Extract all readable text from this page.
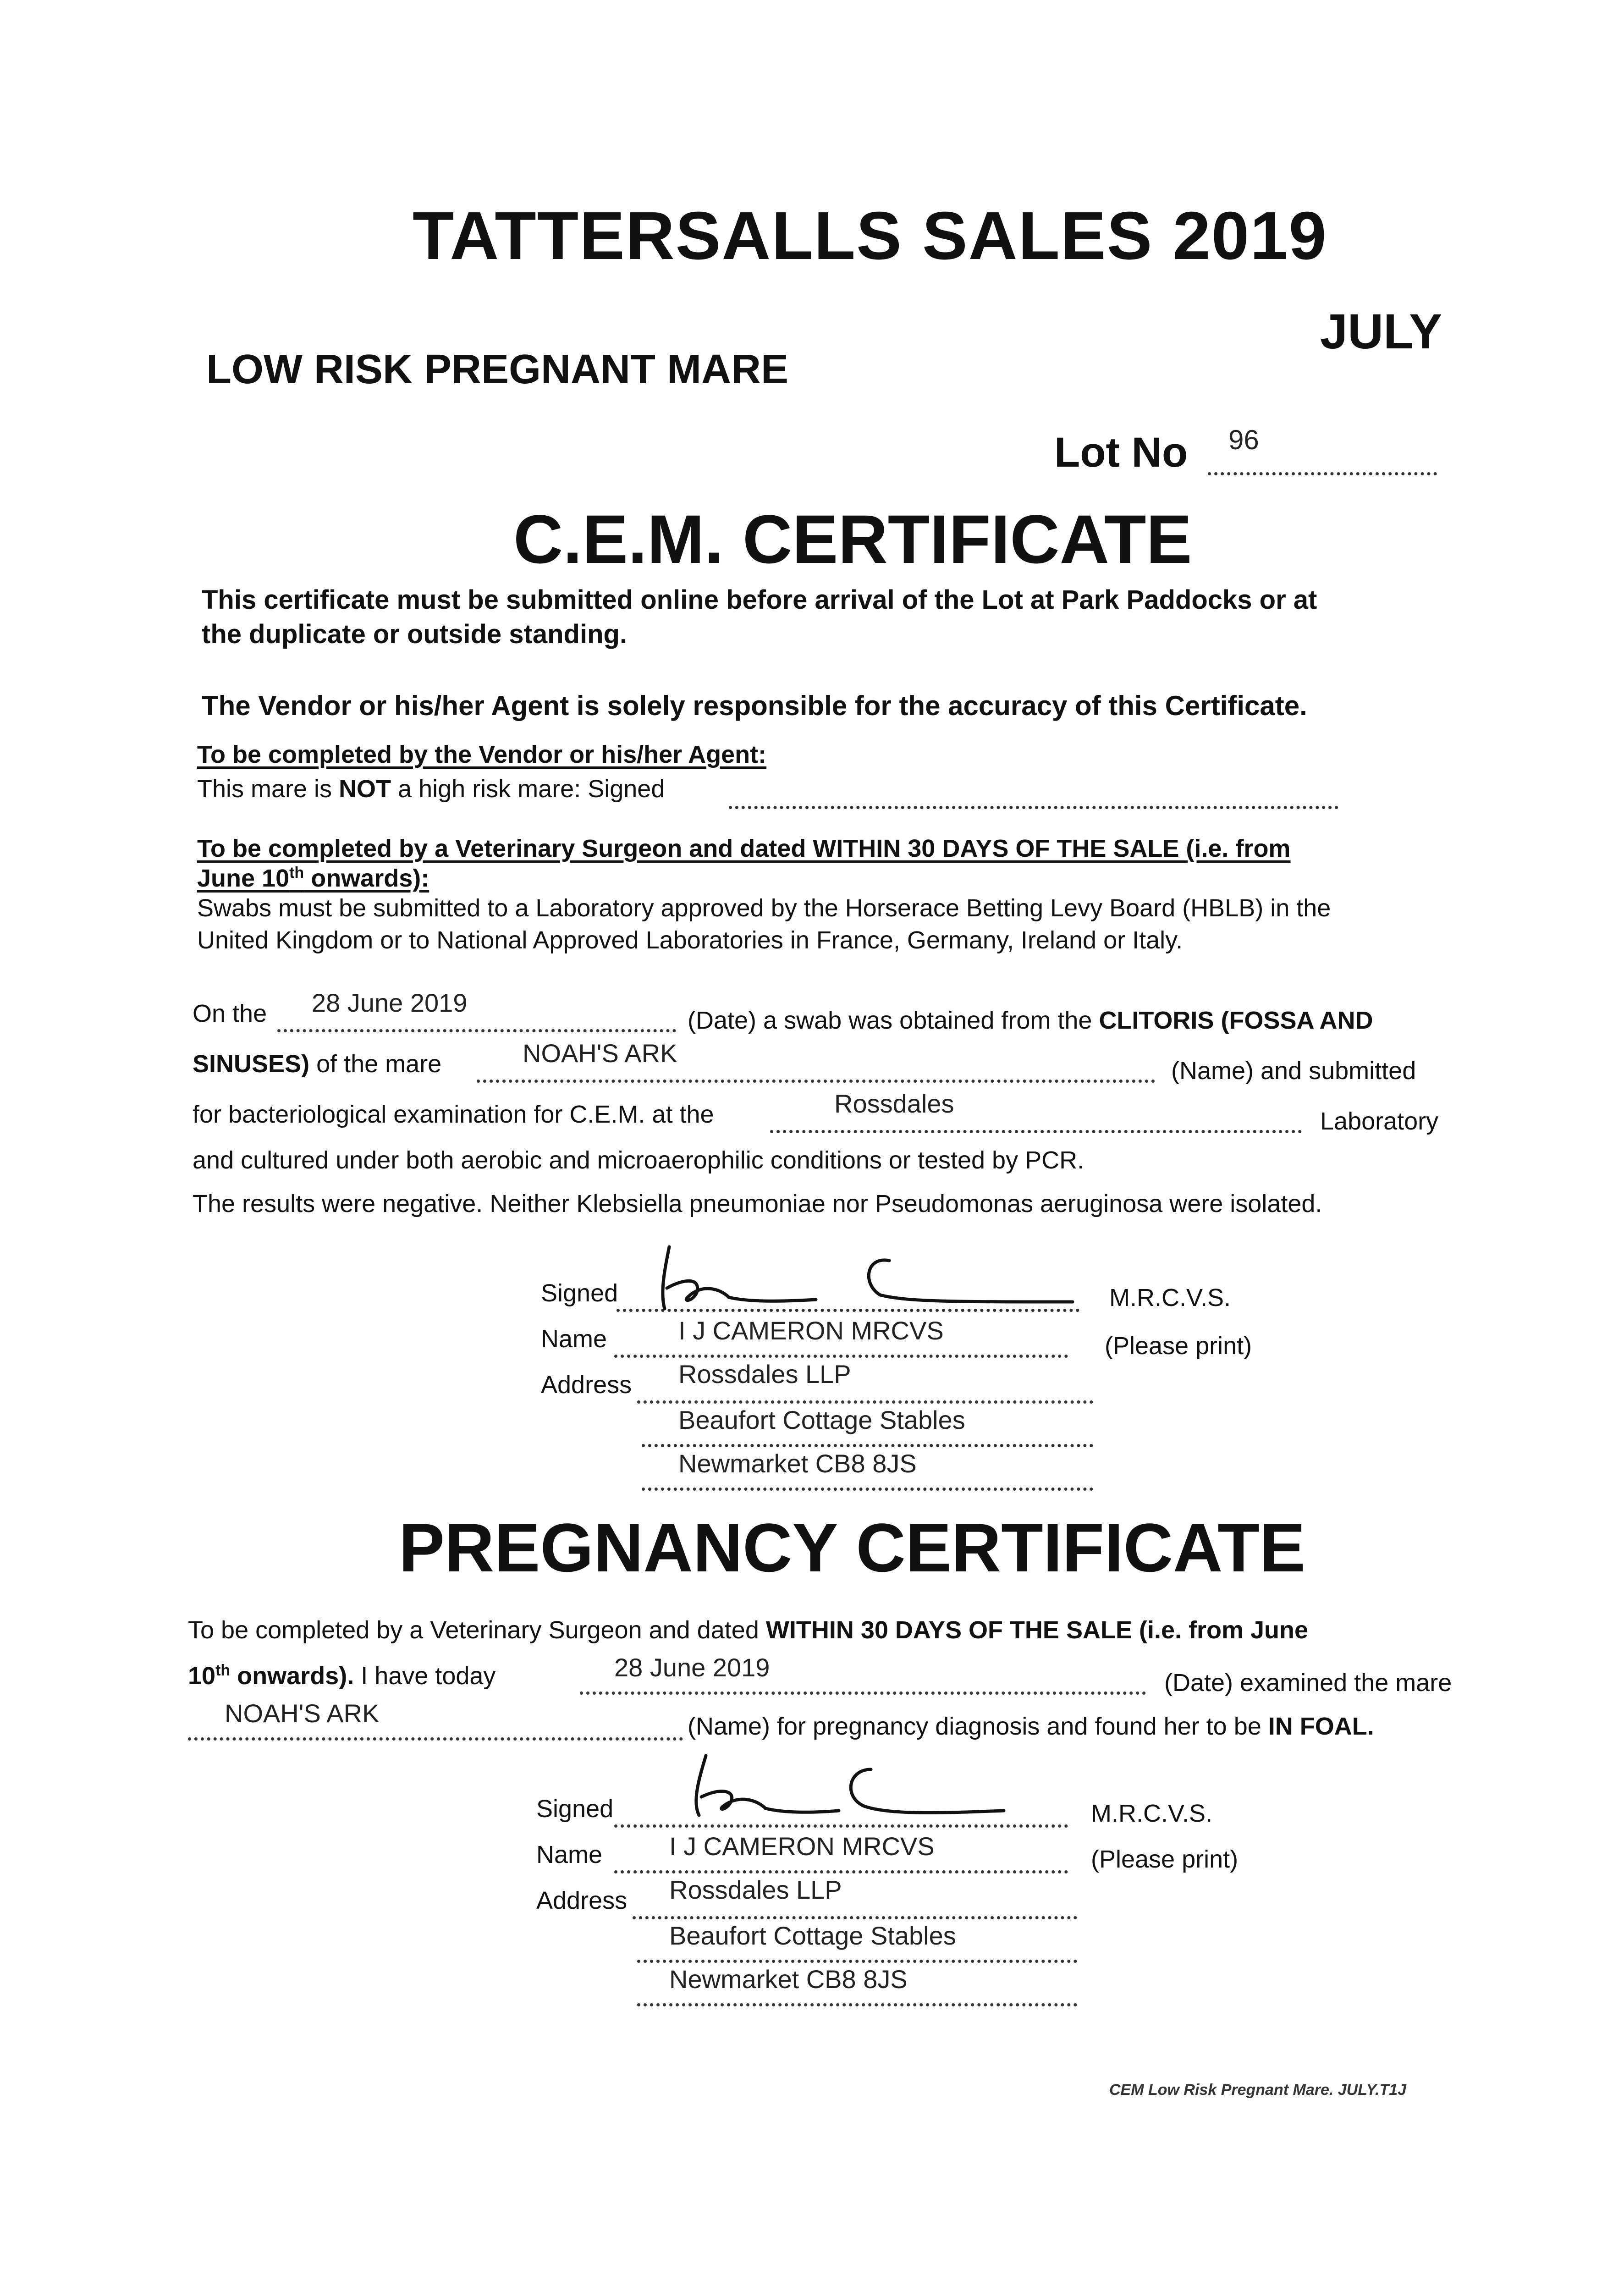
TATTERSALLS SALES 2019
JULY
LOW RISK PREGNANT MARE
Lot No 96
C.E.M. CERTIFICATE
This certificate must be submitted online before arrival of the Lot at Park Paddocks or at
the duplicate or outside standing.
The Vendor or his/her Agent is solely responsible for the accuracy of this Certificate.
To be completed by the Vendor or his/her Agent:
This mare is NOT a high risk mare: Signed
To be completed by a Veterinary Surgeon and dated WITHIN 30 DAYS OF THE SALE (i.e. from
June 10th onwards):
Swabs must be submitted to a Laboratory approved by the Horserace Betting Levy Board (HBLB) in the
United Kingdom or to National Approved Laboratories in France, Germany, Ireland or Italy.
On the 28 June 2019
(Date) a swab was obtained from the CLITORIS (FOSSA AND
SINUSES) of the mare	NOAH'S ARK
(Name) and submitted
for bacteriological examination for C.E.M. at the	Rossdales
Laboratory
and cultured under both aerobic and microaerophilic conditions or tested by PCR.
The results were negative. Neither Klebsiella pneumoniae nor Pseudomonas aeruginosa were isolated.
Signed	M.R.C.V.S.
Name	I J CAMERON MRCVS
(Please print)
Address Rossdales LLP
Beaufort Cottage Stables
Newmarket CB8 8JS
PREGNANCY CERTIFICATE
To be completed by a Veterinary Surgeon and dated WITHIN 30 DAYS OF THE SALE (i.e. from June
10th onwards). I have today	28 June 2019
(Date) examined the mare
NOAH'S ARK	(Name) for pregnancy diagnosis and found her to be IN FOAL.
Signed	M.R.C.V.S.
Name	I J CAMERON MRCVS	(Please print)
Address Rossdales LLP
Beaufort Cottage Stables
Newmarket CB8 8JS
CEM Low Risk Pregnant Mare. JULY.T1J
